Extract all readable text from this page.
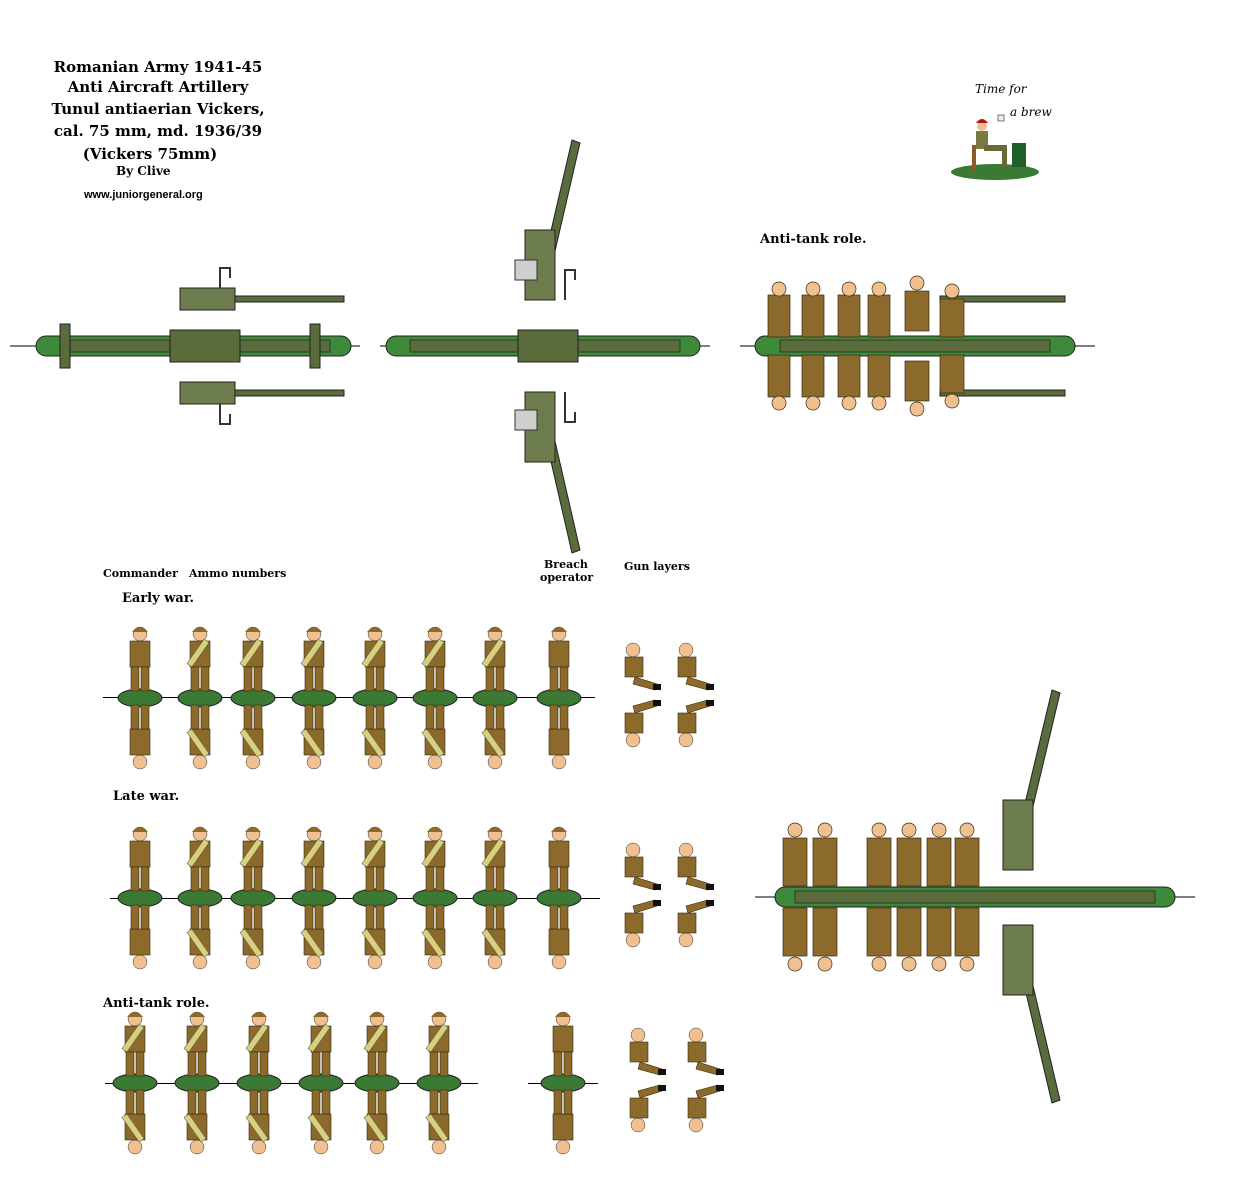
Romanian Army 1941-45
Anti Aircraft Artillery
Tunul antiaerian Vickers,
cal. 75 mm, md. 1936/39
(Vickers 75mm)
By Clive
www.juniorgeneral.org
Time for
a brew
Anti-tank role.
Commander Ammo numbers
Breach
operator
Gun layers
Early war.
Late war.
Anti-tank role.
